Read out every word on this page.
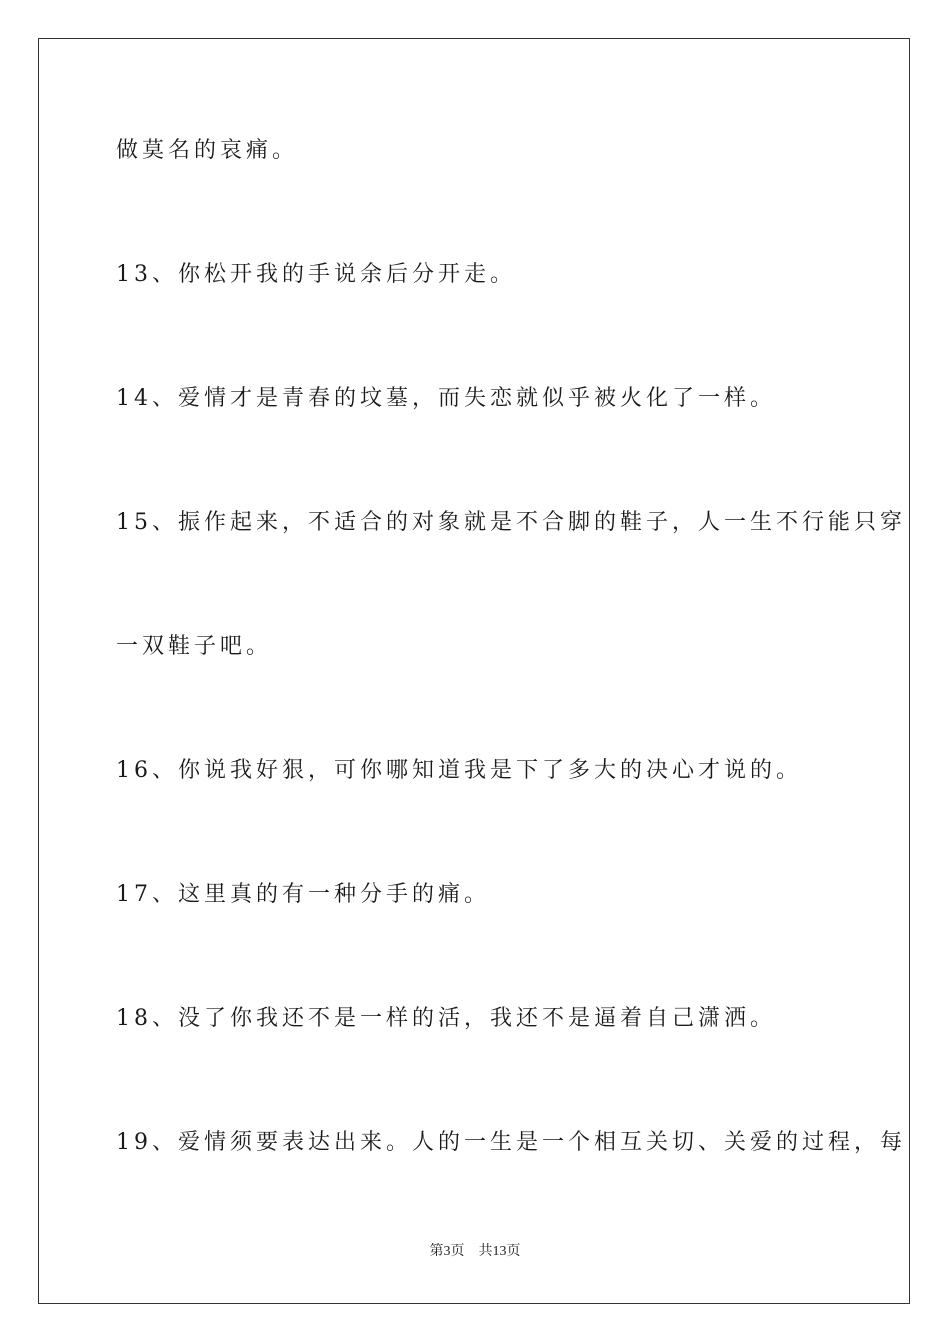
做莫名的哀痛。
13、你松开我的手说余后分开走。
14、爱情才是青春的坟墓，而失恋就似乎被火化了一样。
15、振作起来，不适合的对象就是不合脚的鞋子，人一生不行能只穿
一双鞋子吧。
16、你说我好狠，可你哪知道我是下了多大的决心才说的。
17、这里真的有一种分手的痛。
18、没了你我还不是一样的活，我还不是逼着自己潇洒。
19、爱情须要表达出来。人的一生是一个相互关切、关爱的过程，每
第3页 共13页
